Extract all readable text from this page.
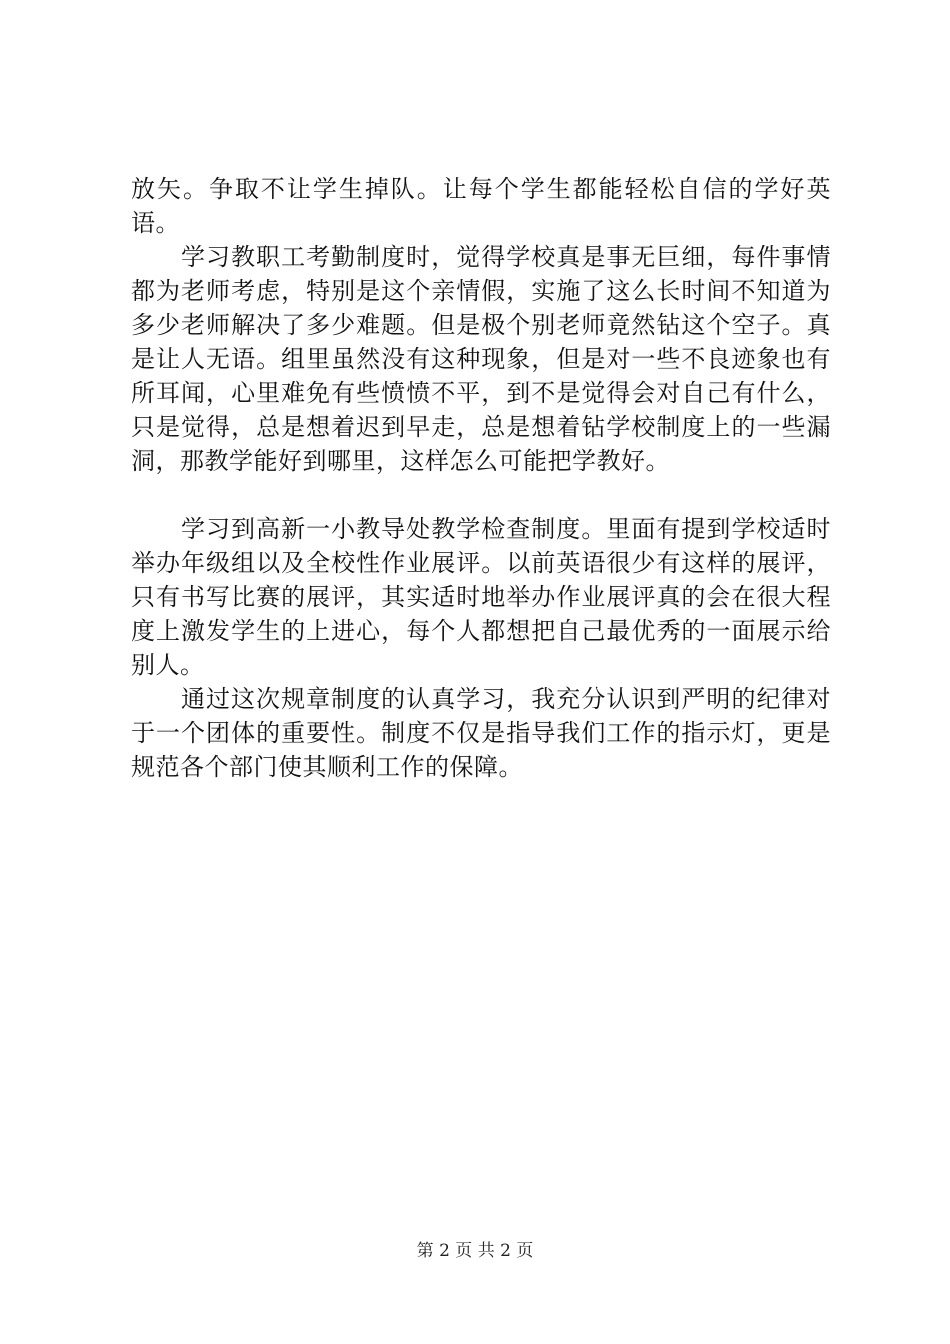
放矢。争取不让学生掉队。让每个学生都能轻松自信的学好英语。

学习教职工考勤制度时，觉得学校真是事无巨细，每件事情都为老师考虑，特别是这个亲情假，实施了这么长时间不知道为多少老师解决了多少难题。但是极个别老师竟然钻这个空子。真是让人无语。组里虽然没有这种现象，但是对一些不良迹象也有所耳闻，心里难免有些愤愤不平，到不是觉得会对自己有什么，只是觉得，总是想着迟到早走，总是想着钻学校制度上的一些漏洞，那教学能好到哪里，这样怎么可能把学教好。

学习到高新一小教导处教学检查制度。里面有提到学校适时举办年级组以及全校性作业展评。以前英语很少有这样的展评，只有书写比赛的展评，其实适时地举办作业展评真的会在很大程度上激发学生的上进心，每个人都想把自己最优秀的一面展示给别人。

通过这次规章制度的认真学习，我充分认识到严明的纪律对于一个团体的重要性。制度不仅是指导我们工作的指示灯，更是规范各个部门使其顺利工作的保障。

第 2 页 共 2 页
